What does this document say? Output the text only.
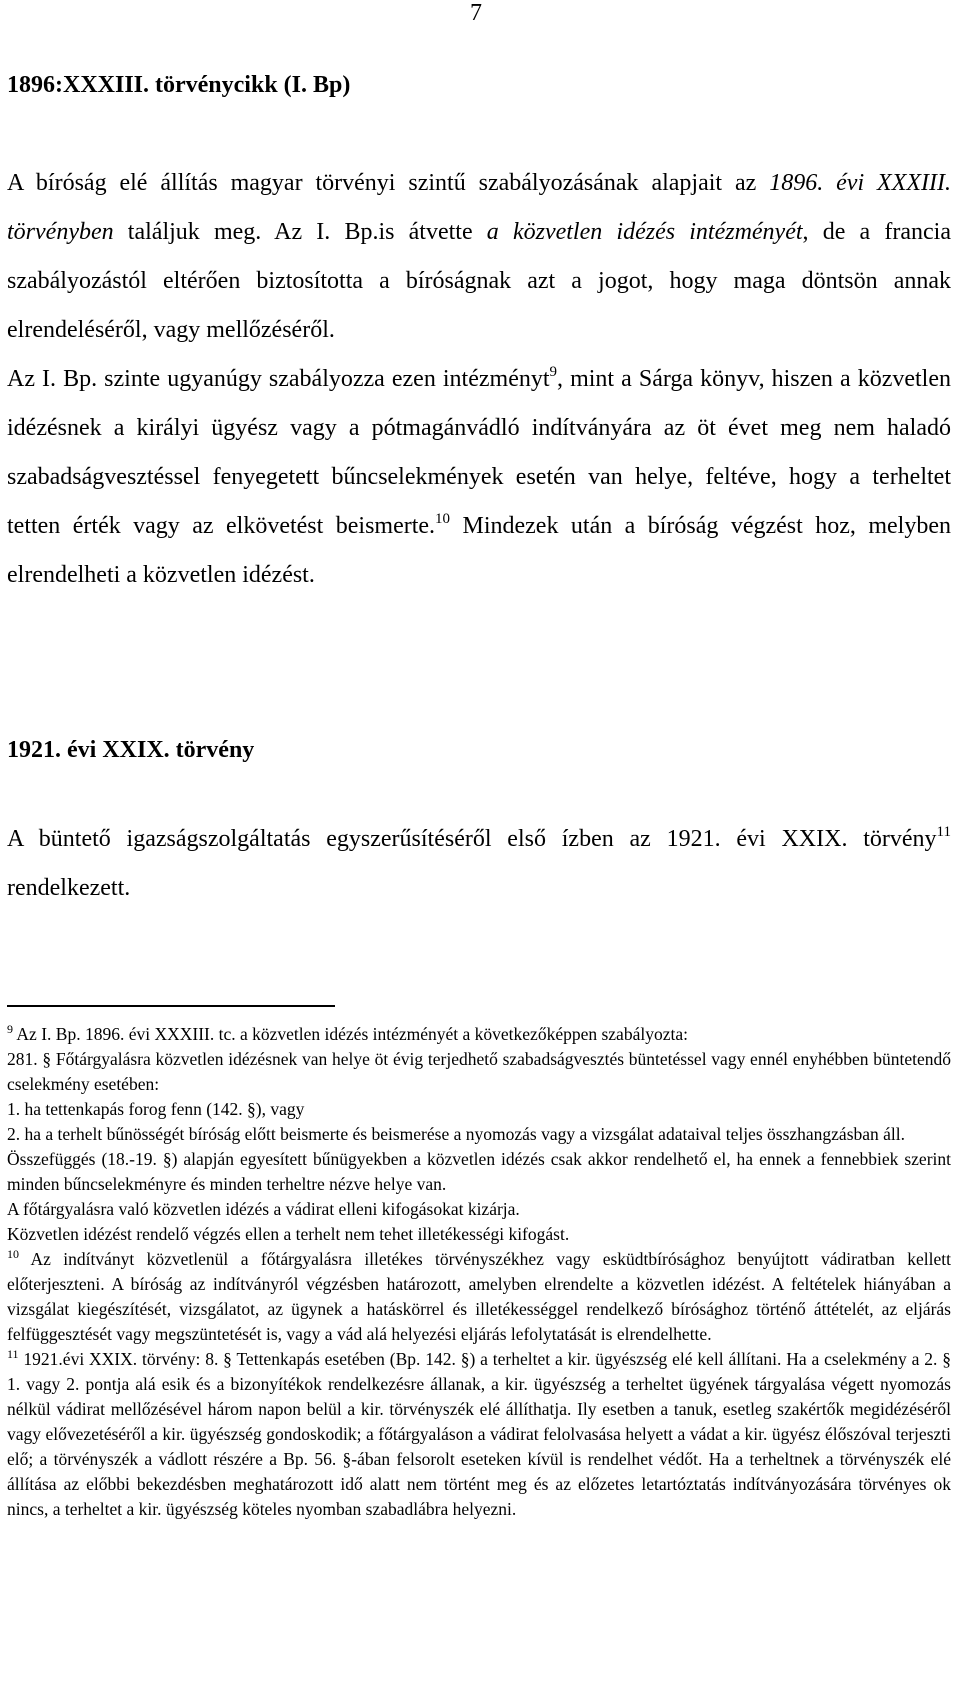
7
1896:XXXIII. törvénycikk (I. Bp)

A bíróság elé állítás magyar törvényi szintű szabályozásának alapjait az 1896. évi XXXIII. törvényben találjuk meg. Az I. Bp.is átvette a közvetlen idézés intézményét, de a francia szabályozástól eltérően biztosította a bíróságnak azt a jogot, hogy maga döntsön annak elrendeléséről, vagy mellőzéséről.
Az I. Bp. szinte ugyanúgy szabályozza ezen intézményt$^9$, mint a Sárga könyv, hiszen a közvetlen idézésnek a királyi ügyész vagy a pótmagánvádló indítványára az öt évet meg nem haladó szabadságvesztéssel fenyegetett bűncselekmények esetén van helye, feltéve, hogy a terheltet tetten érték vagy az elkövetést beismerte.$^{10}$ Mindezek után a bíróság végzést hoz, melyben elrendelheti a közvetlen idézést.

1921. évi XXIX. törvény

A büntető igazságszolgáltatás egyszerűsítéséről első ízben az 1921. évi XXIX. törvény$^{11}$ rendelkezett.

$^9$ Az I. Bp. 1896. évi XXXIII. tc. a közvetlen idézés intézményét a következőképpen szabályozta:

281. § Főtárgyalásra közvetlen idézésnek van helye öt évig terjedhető szabadságvesztés büntetéssel vagy ennél enyhébben büntetendő cselekmény esetében:

1. ha tettenkapás forog fenn (142. §), vagy

2. ha a terhelt bűnösségét bíróság előtt beismerte és beismerése a nyomozás vagy a vizsgálat adataival teljes összhangzásban áll.

Összefüggés (18.-19. §) alapján egyesített bűnügyekben a közvetlen idézés csak akkor rendelhető el, ha ennek a fennebbiek szerint minden bűncselekményre és minden terheltre nézve helye van.

A főtárgyalásra való közvetlen idézés a vádirat elleni kifogásokat kizárja.

Közvetlen idézést rendelő végzés ellen a terhelt nem tehet illetékességi kifogást.

$^{10}$ Az indítványt közvetlenül a főtárgyalásra illetékes törvényszékhez vagy esküdtbírósághoz benyújtott vádiratban kellett előterjeszteni. A bíróság az indítványról végzésben határozott, amelyben elrendelte a közvetlen idézést. A feltételek hiányában a vizsgálat kiegészítését, vizsgálatot, az ügynek a hatáskörrel és illetékességgel rendelkező bírósághoz történő áttételét, az eljárás felfüggesztését vagy megszüntetését is, vagy a vád alá helyezési eljárás lefolytatását is elrendelhette.

$^{11}$ 1921.évi XXIX. törvény: 8. § Tettenkapás esetében (Bp. 142. §) a terheltet a kir. ügyészség elé kell állítani. Ha a cselekmény a 2. § 1. vagy 2. pontja alá esik és a bizonyítékok rendelkezésre állanak, a kir. ügyészség a terheltet ügyének tárgyalása végett nyomozás nélkül vádirat mellőzésével három napon belül a kir. törvényszék elé állíthatja. Ily esetben a tanuk, esetleg szakértők megidézéséről vagy elővezetéséről a kir. ügyészség gondoskodik; a főtárgyaláson a vádirat felolvasása helyett a vádat a kir. ügyész élőszóval terjeszti elő; a törvényszék a vádlott részére a Bp. 56. §-ában felsorolt eseteken kívül is rendelhet védőt. Ha a terheltnek a törvényszék elé állítása az előbbi bekezdésben meghatározott idő alatt nem történt meg és az előzetes letartóztatás indítványozására törvényes ok nincs, a terheltet a kir. ügyészség köteles nyomban szabadlábra helyezni.
